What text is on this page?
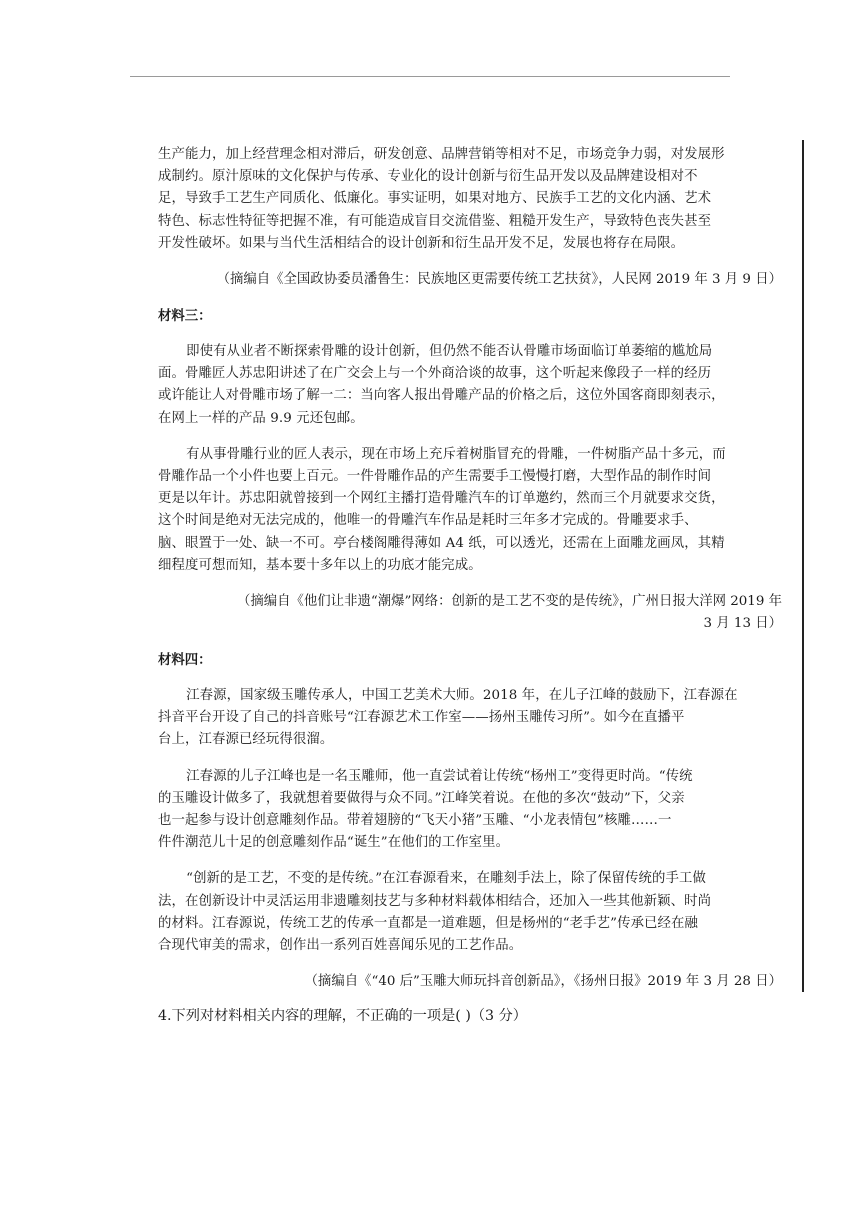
生产能力，加上经营理念相对滞后，研发创意、品牌营销等相对不足，市场竞争力弱，对发展形

成制约。原汁原味的文化保护与传承、专业化的设计创新与衍生品开发以及品牌建设相对不

足，导致手工艺生产同质化、低廉化。事实证明，如果对地方、民族手工艺的文化内涵、艺术

特色、标志性特征等把握不准，有可能造成盲目交流借鉴、粗糙开发生产，导致特色丧失甚至

开发性破坏。如果与当代生活相结合的设计创新和衍生品开发不足，发展也将存在局限。

（摘编自《全国政协委员潘鲁生：民族地区更需要传统工艺扶贫》，人民网 2019 年 3 月 9 日）

材料三：

即使有从业者不断探索骨雕的设计创新，但仍然不能否认骨雕市场面临订单萎缩的尴尬局

面。骨雕匠人苏忠阳讲述了在广交会上与一个外商洽谈的故事，这个听起来像段子一样的经历

或许能让人对骨雕市场了解一二：当向客人报出骨雕产品的价格之后，这位外国客商即刻表示，

在网上一样的产品 9.9 元还包邮。

有从事骨雕行业的匠人表示，现在市场上充斥着树脂冒充的骨雕，一件树脂产品十多元，而

骨雕作品一个小件也要上百元。一件骨雕作品的产生需要手工慢慢打磨，大型作品的制作时间

更是以年计。苏忠阳就曾接到一个网红主播打造骨雕汽车的订单邀约，然而三个月就要求交货，

这个时间是绝对无法完成的，他唯一的骨雕汽车作品是耗时三年多才完成的。骨雕要求手、

脑、眼置于一处、缺一不可。亭台楼阁雕得薄如 A4 纸，可以透光，还需在上面雕龙画凤，其精

细程度可想而知，基本要十多年以上的功底才能完成。

（摘编自《他们让非遗“潮爆”网络：创新的是工艺不变的是传统》，广州日报大洋网 2019 年

3 月 13 日）

材料四：

江春源，国家级玉雕传承人，中国工艺美术大师。2018 年，在儿子江峰的鼓励下，江春源在

抖音平台开设了自己的抖音账号“江春源艺术工作室——扬州玉雕传习所”。如今在直播平

台上，江春源已经玩得很溜。

江春源的儿子江峰也是一名玉雕师，他一直尝试着让传统“杨州工”变得更时尚。“传统

的玉雕设计做多了，我就想着要做得与众不同。”江峰笑着说。在他的多次“鼓动”下，父亲

也一起参与设计创意雕刻作品。带着翅膀的“飞天小猪”玉雕、“小龙表情包”核雕……一

件件潮范儿十足的创意雕刻作品“诞生”在他们的工作室里。

“创新的是工艺，不变的是传统。”在江春源看来，在雕刻手法上，除了保留传统的手工做

法，在创新设计中灵活运用非遗雕刻技艺与多种材料载体相结合，还加入一些其他新颖、时尚

的材料。江春源说，传统工艺的传承一直都是一道难题，但是杨州的“老手艺”传承已经在融

合现代审美的需求，创作出一系列百姓喜闻乐见的工艺作品。

（摘编自《“40 后”玉雕大师玩抖音创新品》，《扬州日报》2019 年 3 月 28 日）

4.下列对材料相关内容的理解，不正确的一项是( )（3 分）
